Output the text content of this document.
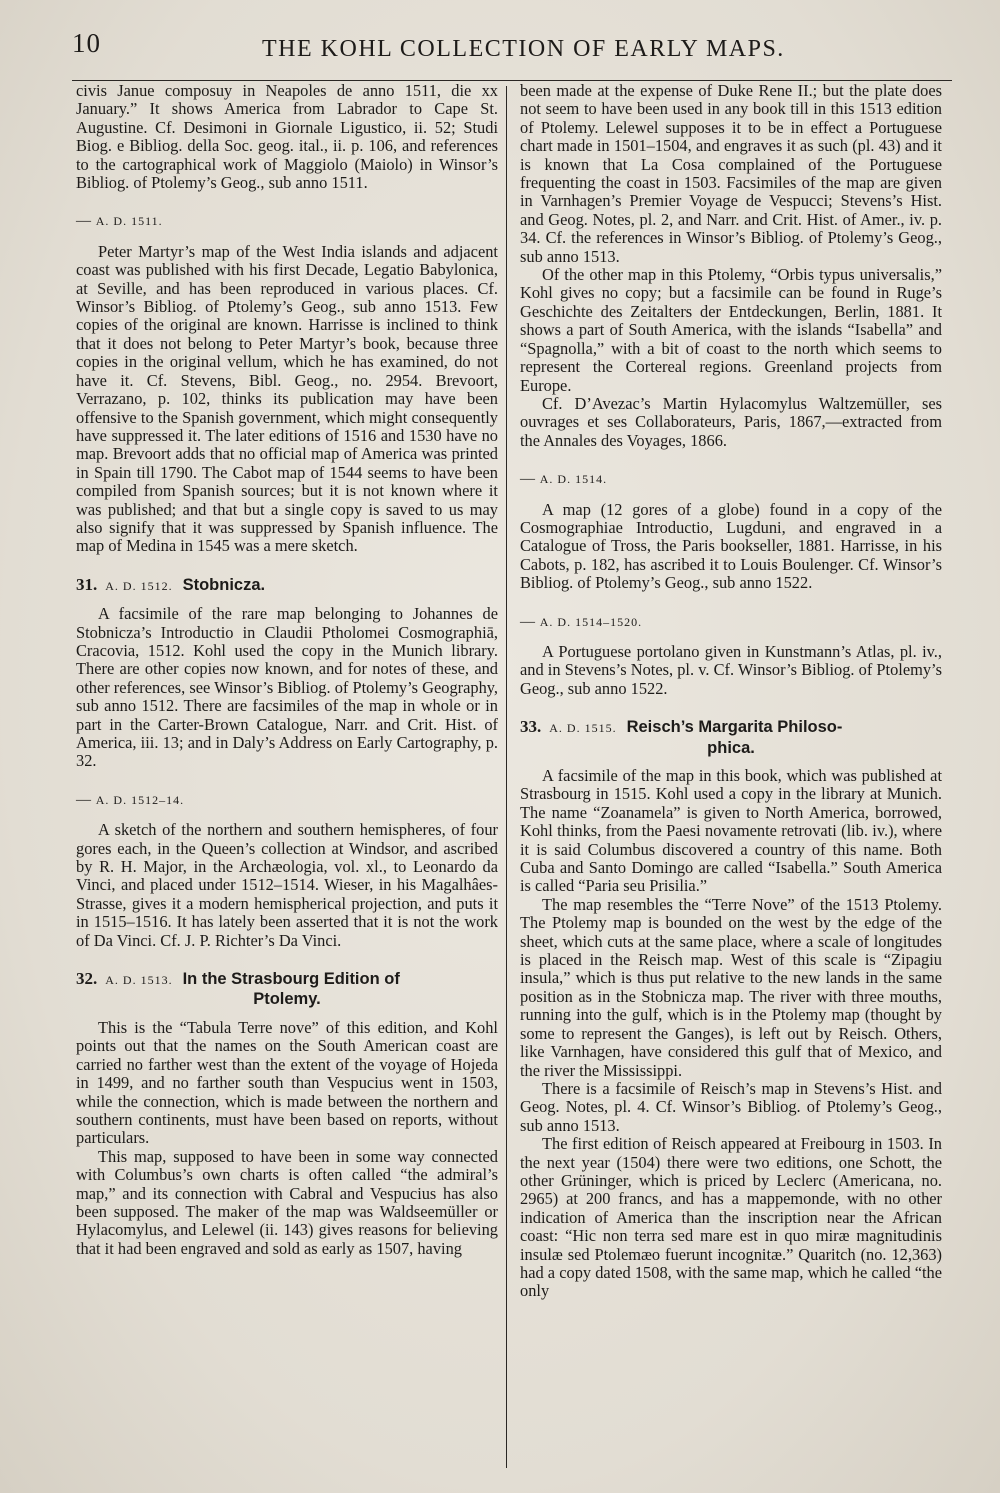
10	THE KOHL COLLECTION OF EARLY MAPS.

civis Janue composuy in Neapoles de anno 1511, die xx January.” It shows America from Labrador to Cape St. Augustine. Cf. Desimoni in Giornale Ligustico, ii. 52; Studi Biog. e Bibliog. della Soc. geog. ital., ii. p. 106, and references to the cartographical work of Maggiolo (Maiolo) in Winsor’s Bibliog. of Ptolemy’s Geog., sub anno 1511.

— A. D. 1511.

Peter Martyr’s map of the West India islands and adjacent coast was published with his first Decade, Legatio Babylonica, at Seville, and has been reproduced in various places. Cf. Winsor’s Bibliog. of Ptolemy’s Geog., sub anno 1513. Few copies of the original are known. Harrisse is inclined to think that it does not belong to Peter Martyr’s book, because three copies in the original vellum, which he has examined, do not have it. Cf. Stevens, Bibl. Geog., no. 2954. Brevoort, Verrazano, p. 102, thinks its publication may have been offensive to the Spanish government, which might consequently have suppressed it. The later editions of 1516 and 1530 have no map. Brevoort adds that no official map of America was printed in Spain till 1790. The Cabot map of 1544 seems to have been compiled from Spanish sources; but it is not known where it was published; and that but a single copy is saved to us may also signify that it was suppressed by Spanish influence. The map of Medina in 1545 was a mere sketch.

31. A. D. 1512. Stobnicza.

A facsimile of the rare map belonging to Johannes de Stobnicza’s Introductio in Claudii Ptholomei Cosmographiā, Cracovia, 1512. Kohl used the copy in the Munich library. There are other copies now known, and for notes of these, and other references, see Winsor’s Bibliog. of Ptolemy’s Geography, sub anno 1512. There are facsimiles of the map in whole or in part in the Carter-Brown Catalogue, Narr. and Crit. Hist. of America, iii. 13; and in Daly’s Address on Early Cartography, p. 32.

— A. D. 1512–14.

A sketch of the northern and southern hemispheres, of four gores each, in the Queen’s collection at Windsor, and ascribed by R. H. Major, in the Archæologia, vol. xl., to Leonardo da Vinci, and placed under 1512–1514. Wieser, in his Magalhâes-Strasse, gives it a modern hemispherical projection, and puts it in 1515–1516. It has lately been asserted that it is not the work of Da Vinci. Cf. J. P. Richter’s Da Vinci.

32. A. D. 1513. In the Strasbourg Edition of
Ptolemy.

This is the “Tabula Terre nove” of this edition, and Kohl points out that the names on the South American coast are carried no farther west than the extent of the voyage of Hojeda in 1499, and no farther south than Vespucius went in 1503, while the connection, which is made between the northern and southern continents, must have been based on reports, without particulars.

This map, supposed to have been in some way connected with Columbus’s own charts is often called “the admiral’s map,” and its connection with Cabral and Vespucius has also been supposed. The maker of the map was Waldseemüller or Hylacomylus, and Lelewel (ii. 143) gives reasons for believing that it had been engraved and sold as early as 1507, having

been made at the expense of Duke Rene II.; but the plate does not seem to have been used in any book till in this 1513 edition of Ptolemy. Lelewel supposes it to be in effect a Portuguese chart made in 1501–1504, and engraves it as such (pl. 43) and it is known that La Cosa complained of the Portuguese frequenting the coast in 1503. Facsimiles of the map are given in Varnhagen’s Premier Voyage de Vespucci; Stevens’s Hist. and Geog. Notes, pl. 2, and Narr. and Crit. Hist. of Amer., iv. p. 34. Cf. the references in Winsor’s Bibliog. of Ptolemy’s Geog., sub anno 1513.

Of the other map in this Ptolemy, “Orbis typus universalis,” Kohl gives no copy; but a facsimile can be found in Ruge’s Geschichte des Zeitalters der Entdeckungen, Berlin, 1881. It shows a part of South America, with the islands “Isabella” and “Spagnolla,” with a bit of coast to the north which seems to represent the Cortereal regions. Greenland projects from Europe.

Cf. D’Avezac’s Martin Hylacomylus Waltzemüller, ses ouvrages et ses Collaborateurs, Paris, 1867,—extracted from the Annales des Voyages, 1866.

— A. D. 1514.

A map (12 gores of a globe) found in a copy of the Cosmographiae Introductio, Lugduni, and engraved in a Catalogue of Tross, the Paris bookseller, 1881. Harrisse, in his Cabots, p. 182, has ascribed it to Louis Boulenger. Cf. Winsor’s Bibliog. of Ptolemy’s Geog., sub anno 1522.

— A. D. 1514–1520.

A Portuguese portolano given in Kunstmann’s Atlas, pl. iv., and in Stevens’s Notes, pl. v. Cf. Winsor’s Bibliog. of Ptolemy’s Geog., sub anno 1522.

33. A. D. 1515. Reisch’s Margarita Philoso-
phica.

A facsimile of the map in this book, which was published at Strasbourg in 1515. Kohl used a copy in the library at Munich. The name “Zoanamela” is given to North America, borrowed, Kohl thinks, from the Paesi novamente retrovati (lib. iv.), where it is said Columbus discovered a country of this name. Both Cuba and Santo Domingo are called “Isabella.” South America is called “Paria seu Prisilia.”

The map resembles the “Terre Nove” of the 1513 Ptolemy. The Ptolemy map is bounded on the west by the edge of the sheet, which cuts at the same place, where a scale of longitudes is placed in the Reisch map. West of this scale is “Zipagiu insula,” which is thus put relative to the new lands in the same position as in the Stobnicza map. The river with three mouths, running into the gulf, which is in the Ptolemy map (thought by some to represent the Ganges), is left out by Reisch. Others, like Varnhagen, have considered this gulf that of Mexico, and the river the Mississippi.

There is a facsimile of Reisch’s map in Stevens’s Hist. and Geog. Notes, pl. 4. Cf. Winsor’s Bibliog. of Ptolemy’s Geog., sub anno 1513.

The first edition of Reisch appeared at Freibourg in 1503. In the next year (1504) there were two editions, one Schott, the other Grüninger, which is priced by Leclerc (Americana, no. 2965) at 200 francs, and has a mappemonde, with no other indication of America than the inscription near the African coast: “Hic non terra sed mare est in quo miræ magnitudinis insulæ sed Ptolemæo fuerunt incognitæ.” Quaritch (no. 12,363) had a copy dated 1508, with the same map, which he called “the only
